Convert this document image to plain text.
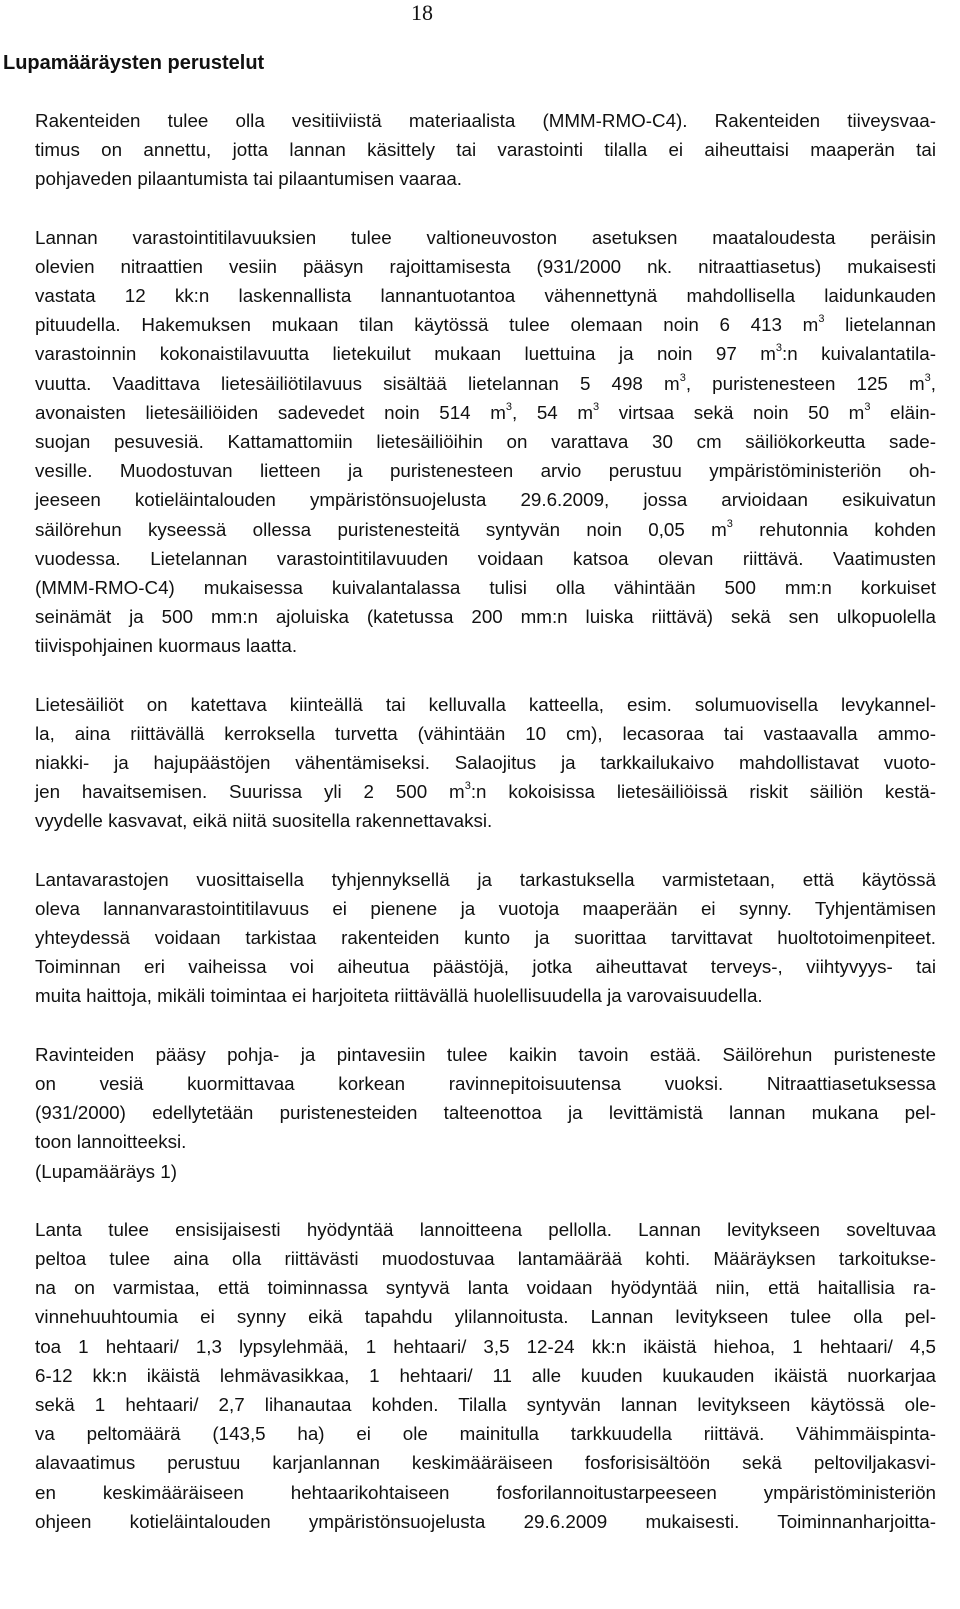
18
Lupamääräysten perustelut
Rakenteiden tulee olla vesitiiviistä materiaalista (MMM-RMO-C4). Rakenteiden tiiveysvaa-
timus on annettu, jotta lannan käsittely tai varastointi tilalla ei aiheuttaisi maaperän tai
pohjaveden pilaantumista tai pilaantumisen vaaraa.
Lannan varastointitilavuuksien tulee valtioneuvoston asetuksen maataloudesta peräisin
olevien nitraattien vesiin pääsyn rajoittamisesta (931/2000 nk. nitraattiasetus) mukaisesti
vastata 12 kk:n laskennallista lannantuotantoa vähennettynä mahdollisella laidunkauden
pituudella. Hakemuksen mukaan tilan käytössä tulee olemaan noin 6 413 $m^3$ lietelannan
varastoinnin kokonaistilavuutta lietekuilut mukaan luettuina ja noin 97 $m^3:n$ kuivalantatila-
vuutta. Vaadittava lietesäiliötilavuus sisältää lietelannan 5 498 $m^3$, puristenesteen 125 $m^3$,
avonaisten lietesäiliöiden sadevedet noin 514 $m^3$, 54 $m^3$ virtsaa sekä noin 50 $m^3$ eläin-
suojan pesuvesiä. Kattamattomiin lietesäiliöihin on varattava 30 cm säiliökorkeutta sade-
vesille. Muodostuvan lietteen ja puristenesteen arvio perustuu ympäristöministeriön oh-
jeeseen kotieläintalouden ympäristönsuojelusta 29.6.2009, jossa arvioidaan esikuivatun
säilörehun kyseessä ollessa puristenesteitä syntyvän noin 0,05 $m^3$ rehutonnia kohden
vuodessa. Lietelannan varastointitilavuuden voidaan katsoa olevan riittävä. Vaatimusten
(MMM-RMO-C4) mukaisessa kuivalantalassa tulisi olla vähintään 500 mm:n korkuiset
seinämät ja 500 mm:n ajoluiska (katetussa 200 mm:n luiska riittävä) sekä sen ulkopuolella
tiivispohjainen kuormaus laatta.
Lietesäiliöt on katettava kiinteällä tai kelluvalla katteella, esim. solumuovisella levykannel-
la, aina riittävällä kerroksella turvetta (vähintään 10 cm), lecasoraa tai vastaavalla ammo-
niakki- ja hajupäästöjen vähentämiseksi. Salaojitus ja tarkkailukaivo mahdollistavat vuoto-
jen havaitsemisen. Suurissa yli 2 500 $m^3:n$ kokoisissa lietesäiliöissä riskit säiliön kestä-
vyydelle kasvavat, eikä niitä suositella rakennettavaksi.
Lantavarastojen vuosittaisella tyhjennyksellä ja tarkastuksella varmistetaan, että käytössä
oleva lannanvarastointitilavuus ei pienene ja vuotoja maaperään ei synny. Tyhjentämisen
yhteydessä voidaan tarkistaa rakenteiden kunto ja suorittaa tarvittavat huoltotoimenpiteet.
Toiminnan eri vaiheissa voi aiheutua päästöjä, jotka aiheuttavat terveys-, viihtyvyys- tai
muita haittoja, mikäli toimintaa ei harjoiteta riittävällä huolellisuudella ja varovaisuudella.
Ravinteiden pääsy pohja- ja pintavesiin tulee kaikin tavoin estää. Säilörehun puristeneste
on vesiä kuormittavaa korkean ravinnepitoisuutensa vuoksi. Nitraattiasetuksessa
(931/2000) edellytetään puristenesteiden talteenottoa ja levittämistä lannan mukana pel-
toon lannoitteeksi.
(Lupamääräys 1)
Lanta tulee ensisijaisesti hyödyntää lannoitteena pellolla. Lannan levitykseen soveltuvaa
peltoa tulee aina olla riittävästi muodostuvaa lantamäärää kohti. Määräyksen tarkoitukse-
na on varmistaa, että toiminnassa syntyvä lanta voidaan hyödyntää niin, että haitallisia ra-
vinnehuuhtoumia ei synny eikä tapahdu ylilannoitusta. Lannan levitykseen tulee olla pel-
toa 1 hehtaari/ 1,3 lypsylehmää, 1 hehtaari/ 3,5 12-24 kk:n ikäistä hiehoa, 1 hehtaari/ 4,5
6-12 kk:n ikäistä lehmävasikkaa, 1 hehtaari/ 11 alle kuuden kuukauden ikäistä nuorkarjaa
sekä 1 hehtaari/ 2,7 lihanautaa kohden. Tilalla syntyvän lannan levitykseen käytössä ole-
va peltomäärä (143,5 ha) ei ole mainitulla tarkkuudella riittävä. Vähimmäispinta-
alavaatimus perustuu karjanlannan keskimääräiseen fosforisisältöön sekä peltoviljakasvi-
en keskimääräiseen hehtaarikohtaiseen fosforilannoitustarpeeseen ympäristöministeriön
ohjeen kotieläintalouden ympäristönsuojelusta 29.6.2009 mukaisesti. Toiminnanharjoitta-
